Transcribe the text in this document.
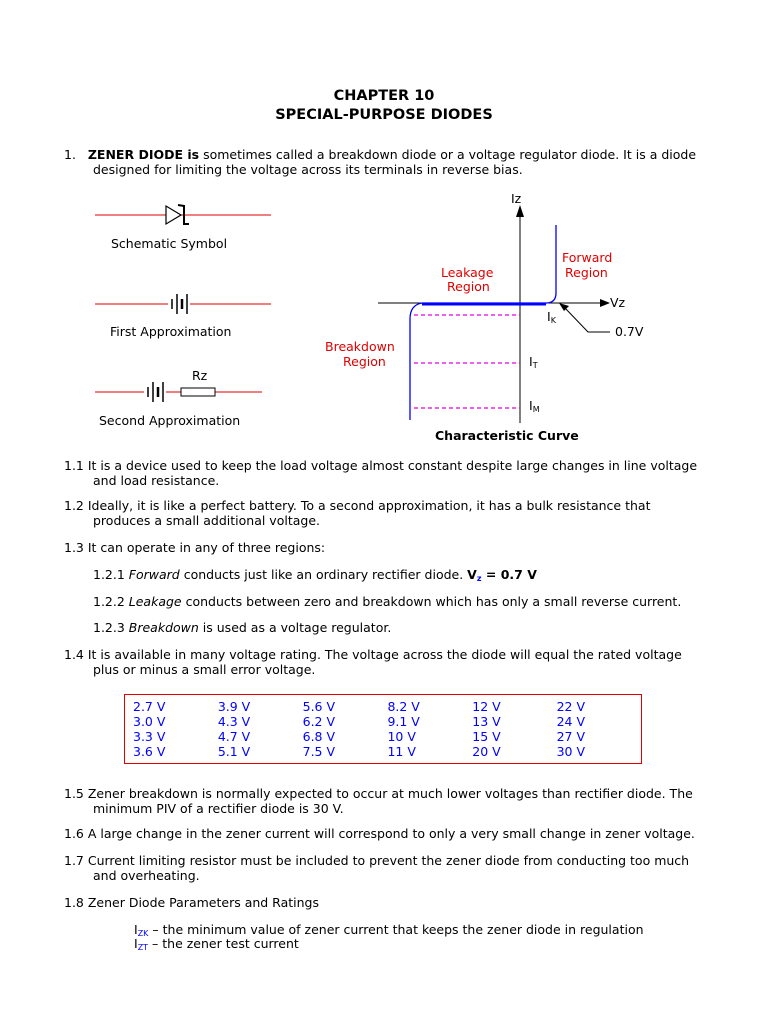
CHAPTER 10
SPECIAL-PURPOSE DIODES
1. ZENER DIODE is sometimes called a breakdown diode or a voltage regulator diode. It is a diode
designed for limiting the voltage across its terminals in reverse bias.
Schematic Symbol
First Approximation
Rz
Second Approximation
Iz
Vz
Forward
Region
Leakage
Region
Breakdown
Region
$I_K$
$I_T$
$I_M$
0.7V
Characteristic Curve
1.1 It is a device used to keep the load voltage almost constant despite large changes in line voltage
and load resistance.
1.2 Ideally, it is like a perfect battery. To a second approximation, it has a bulk resistance that
produces a small additional voltage.
1.3 It can operate in any of three regions:
1.2.1 Forward conducts just like an ordinary rectifier diode. $V_z = 0.7$ V
1.2.2 Leakage conducts between zero and breakdown which has only a small reverse current.
1.2.3 Breakdown is used as a voltage regulator.
1.4 It is available in many voltage rating. The voltage across the diode will equal the rated voltage
plus or minus a small error voltage.
2.7 V	3.9 V	5.6 V	8.2 V	12 V	22 V
3.0 V	4.3 V	6.2 V	9.1 V	13 V	24 V
3.3 V	4.7 V	6.8 V	10 V	15 V	27 V
3.6 V	5.1 V	7.5 V	11 V	20 V	30 V
1.5 Zener breakdown is normally expected to occur at much lower voltages than rectifier diode. The
minimum PIV of a rectifier diode is 30 V.
1.6 A large change in the zener current will correspond to only a very small change in zener voltage.
1.7 Current limiting resistor must be included to prevent the zener diode from conducting too much
and overheating.
1.8 Zener Diode Parameters and Ratings
$I_{ZK}$ – the minimum value of zener current that keeps the zener diode in regulation
$I_{ZT}$ – the zener test current
